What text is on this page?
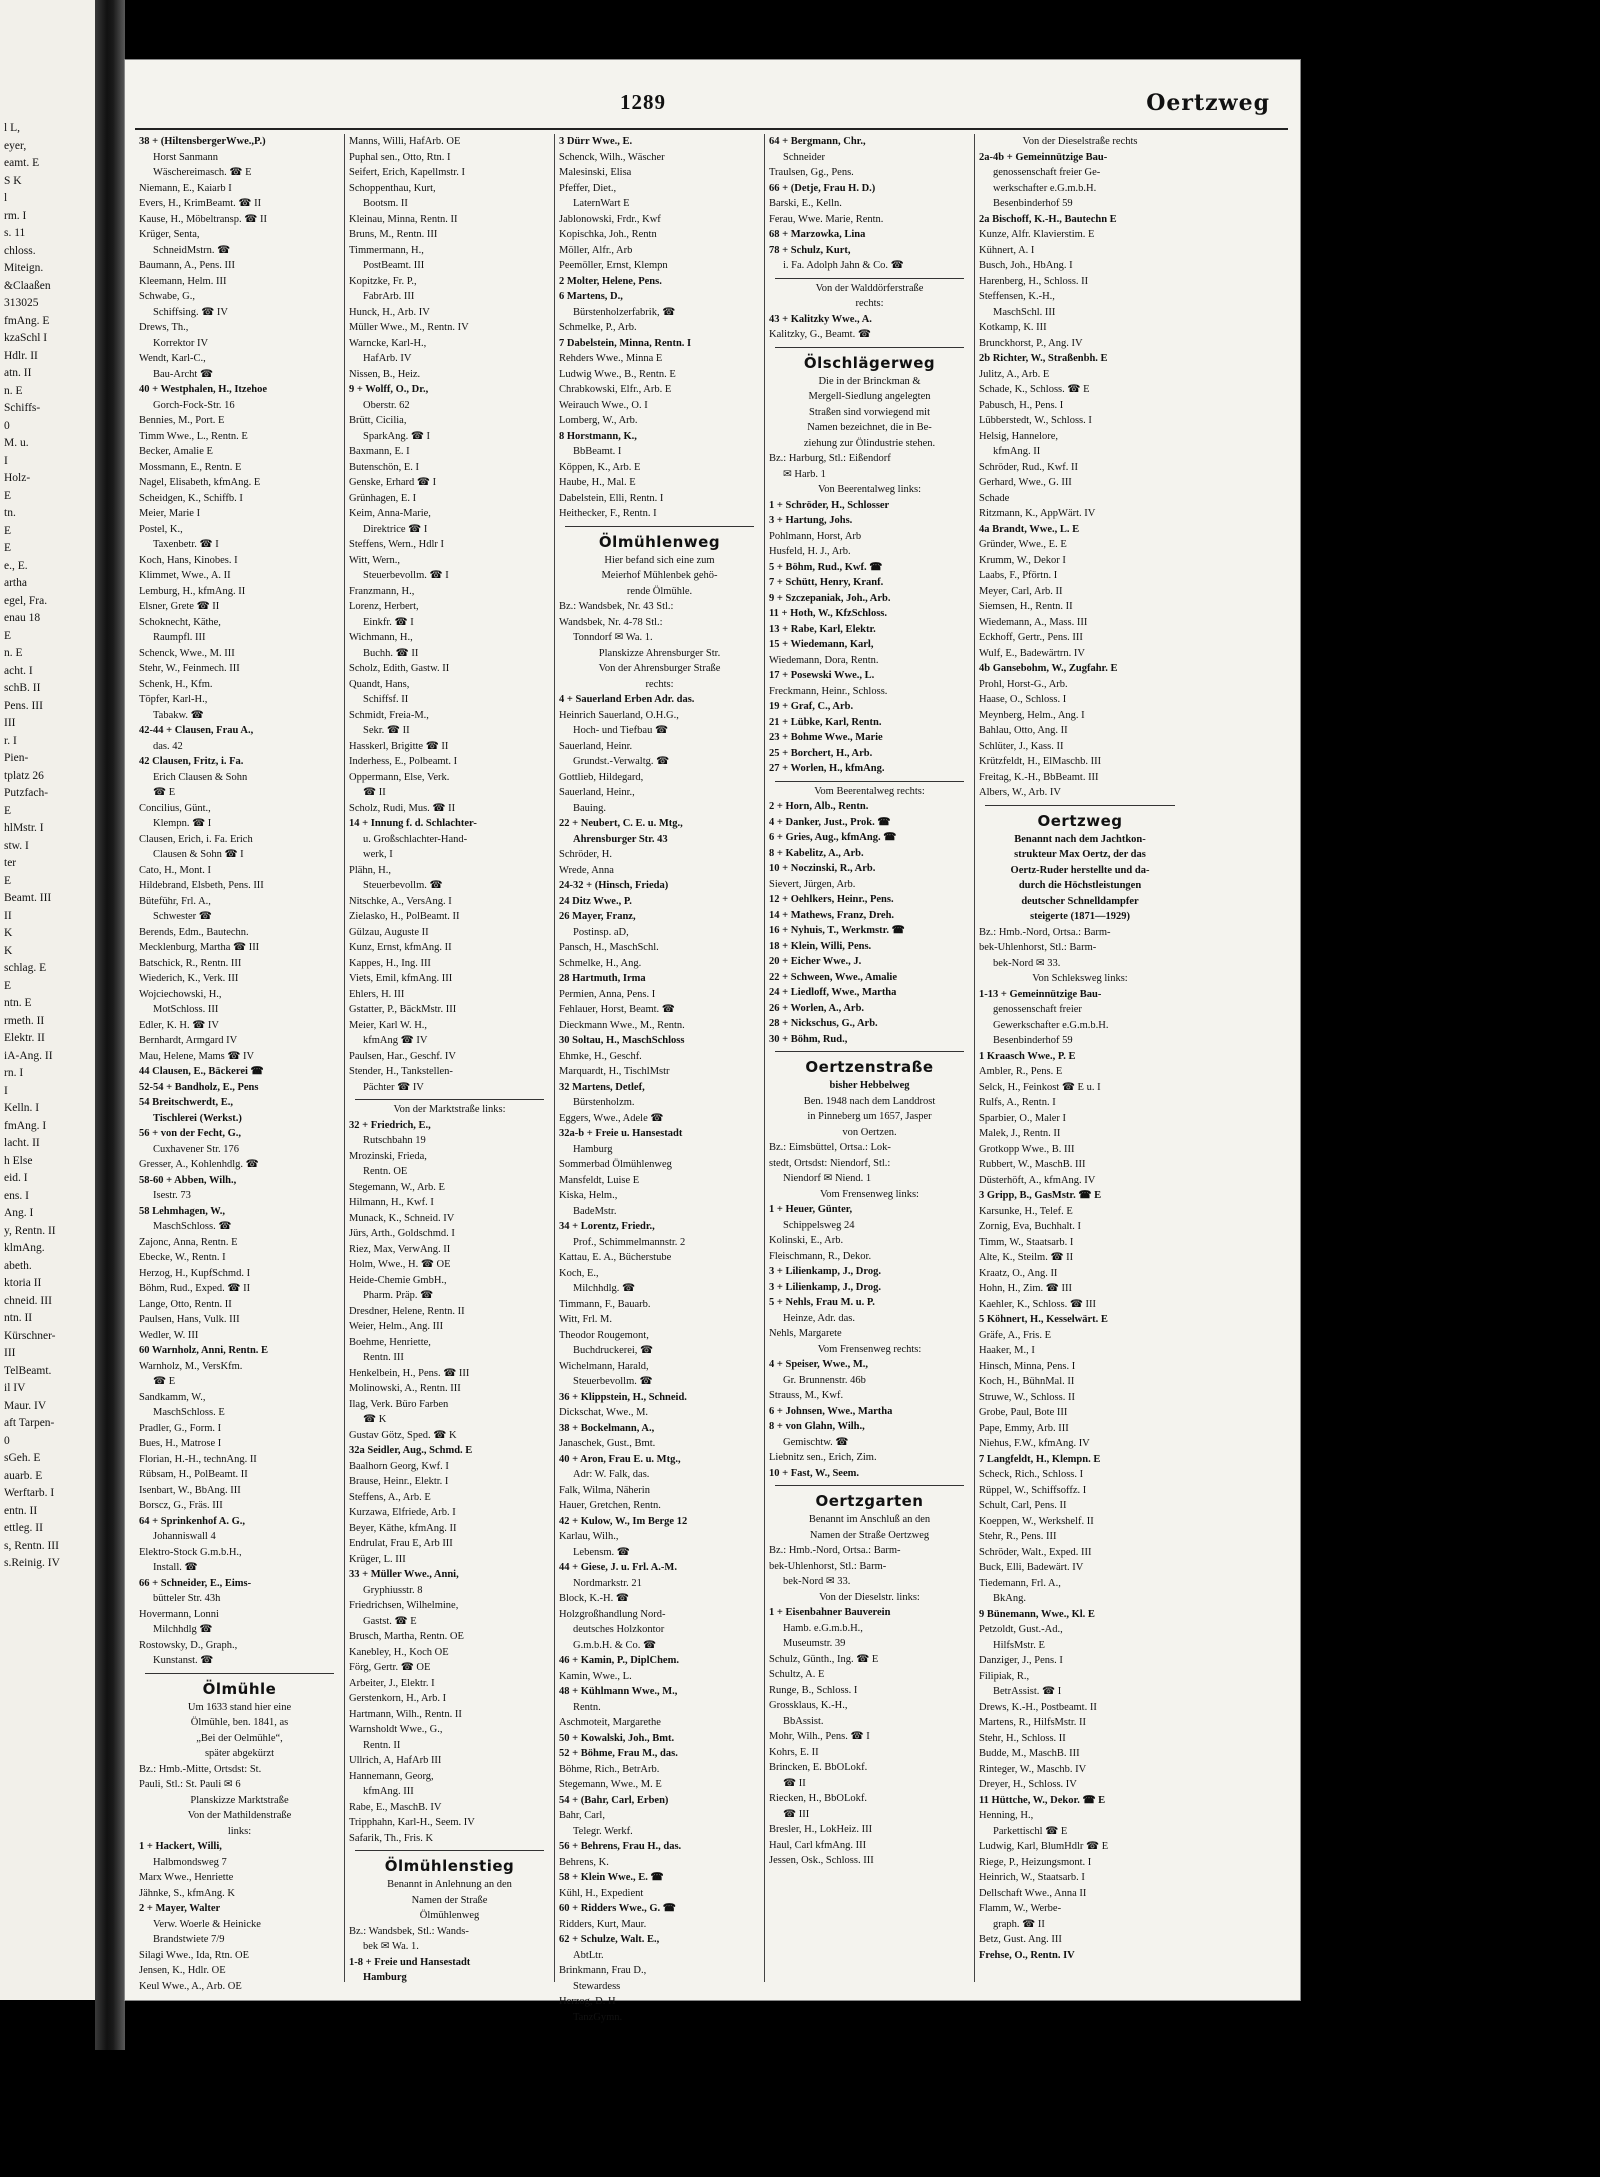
l L,
eyer,
eamt. E
S K
l
rm. I
s. 11
chloss.
Miteign.
&Claaßen
313025
fmAng. E
kzaSchl I
Hdlr. II
atn. II
n. E
Schiffs-
0
M. u.
I
Holz-
E
tn.
E
E
e., E.
artha
egel, Fra.
enau 18
E
n. E
acht. I
schB. II
Pens. III
III
r. I
Pien-
tplatz 26
Putzfach-
E
hlMstr. I
stw. I
ter
E
Beamt. III
II
K
K
schlag. E
E
ntn. E
rmeth. II
Elektr. II
iA-Ang. II
rn. I
I
Kelln. I
fmAng. I
lacht. II
h Else
eid. I
ens. I
Ang. I
y, Rentn. II
klmAng.
abeth.
ktoria II
chneid. III
ntn. II
Kürschner-
III
TelBeamt.
il IV
Maur. IV
aft Tarpen-
0
sGeh. E
auarb. E
Werftarb. I
entn. II
ettleg. II
s, Rentn. III
s.Reinig. IV
1289	Oertzweg
38 + (HiltensbergerWwe.,P.)
Horst Sanmann
Wäschereimasch. ☎ E
Niemann, E., Kaiarb I
Evers, H., KrimBeamt. ☎ II
Kause, H., Möbeltransp. ☎ II
Krüger, Senta,
SchneidMstrn. ☎
Baumann, A., Pens. III
Kleemann, Helm. III
Schwabe, G.,
Schiffsing. ☎ IV
Drews, Th.,
Korrektor IV
Wendt, Karl-C.,
Bau-Archt ☎
40 + Westphalen, H., Itzehoe
Gorch-Fock-Str. 16
Bennies, M., Port. E
Timm Wwe., L., Rentn. E
Becker, Amalie E
Mossmann, E., Rentn. E
Nagel, Elisabeth, kfmAng. E
Scheidgen, K., Schiffb. I
Meier, Marie I
Postel, K.,
Taxenbetr. ☎ I
Koch, Hans, Kinobes. I
Klimmet, Wwe., A. II
Lemburg, H., kfmAng. II
Elsner, Grete ☎ II
Schoknecht, Käthe,
Raumpfl. III
Schenck, Wwe., M. III
Stehr, W., Feinmech. III
Schenk, H., Kfm.
Töpfer, Karl-H.,
Tabakw. ☎
42-44 + Clausen, Frau A.,
das. 42
42 Clausen, Fritz, i. Fa.
Erich Clausen & Sohn
☎ E
Concilius, Günt.,
Klempn. ☎ I
Clausen, Erich, i. Fa. Erich
Clausen & Sohn ☎ I
Cato, H., Mont. I
Hildebrand, Elsbeth, Pens. III
Büteführ, Frl. A.,
Schwester ☎
Berends, Edm., Bautechn.
Mecklenburg, Martha ☎ III
Batschick, R., Rentn. III
Wiederich, K., Verk. III
Wojciechowski, H.,
MotSchloss. III
Edler, K. H. ☎ IV
Bernhardt, Armgard IV
Mau, Helene, Mams ☎ IV
44 Clausen, E., Bäckerei ☎
52-54 + Bandholz, E., Pens
54 Breitschwerdt, E.,
Tischlerei (Werkst.)
56 + von der Fecht, G.,
Cuxhavener Str. 176
Gresser, A., Kohlenhdlg. ☎
58-60 + Abben, Wilh.,
Isestr. 73
58 Lehmhagen, W.,
MaschSchloss. ☎
Zajonc, Anna, Rentn. E
Ebecke, W., Rentn. I
Herzog, H., KupfSchmd. I
Böhm, Rud., Exped. ☎ II
Lange, Otto, Rentn. II
Paulsen, Hans, Vulk. III
Wedler, W. III
60 Warnholz, Anni, Rentn. E
Warnholz, M., VersKfm.
☎ E
Sandkamm, W.,
MaschSchloss. E
Pradler, G., Form. I
Bues, H., Matrose I
Florian, H.-H., technAng. II
Rübsam, H., PolBeamt. II
Isenbart, W., BbAng. III
Borscz, G., Fräs. III
64 + Sprinkenhof A. G.,
Johanniswall 4
Elektro-Stock G.m.b.H.,
Install. ☎
66 + Schneider, E., Eims-
bütteler Str. 43h
Hovermann, Lonni
Milchhdlg ☎
Rostowsky, D., Graph.,
Kunstanst. ☎
Ölmühle
Um 1633 stand hier eine
Ölmühle, ben. 1841, as
„Bei der Oelmühle“,
später abgekürzt
Bz.: Hmb.-Mitte, Ortsdst: St.
Pauli, Stl.: St. Pauli ✉ 6
Planskizze Marktstraße
Von der Mathildenstraße
links:
1 + Hackert, Willi,
Halbmondsweg 7
Marx Wwe., Henriette
Jähnke, S., kfmAng. K
2 + Mayer, Walter
Verw. Woerle & Heinicke
Brandstwiete 7/9
Silagi Wwe., Ida, Rtn. OE
Jensen, K., Hdlr. OE
Keul Wwe., A., Arb. OE
Manns, Willi, HafArb. OE
Puphal sen., Otto, Rtn. I
Seifert, Erich, Kapellmstr. I
Schoppenthau, Kurt,
Bootsm. II
Kleinau, Minna, Rentn. II
Bruns, M., Rentn. III
Timmermann, H.,
PostBeamt. III
Kopitzke, Fr. P.,
FabrArb. III
Hunck, H., Arb. IV
Müller Wwe., M., Rentn. IV
Warncke, Karl-H.,
HafArb. IV
Nissen, B., Heiz.
9 + Wolff, O., Dr.,
Oberstr. 62
Brütt, Cicilia,
SparkAng. ☎ I
Baxmann, E. I
Butenschön, E. I
Genske, Erhard ☎ I
Grünhagen, E. I
Keim, Anna-Marie,
Direktrice ☎ I
Steffens, Wern., Hdlr I
Witt, Wern.,
Steuerbevollm. ☎ I
Franzmann, H.,
Lorenz, Herbert,
Einkfr. ☎ I
Wichmann, H.,
Buchh. ☎ II
Scholz, Edith, Gastw. II
Quandt, Hans,
Schiffsf. II
Schmidt, Freia-M.,
Sekr. ☎ II
Hasskerl, Brigitte ☎ II
Inderhess, E., Polbeamt. I
Oppermann, Else, Verk.
☎ II
Scholz, Rudi, Mus. ☎ II
14 + Innung f. d. Schlachter-
u. Großschlachter-Hand-
werk, I
Plähn, H.,
Steuerbevollm. ☎
Nitschke, A., VersAng. I
Zielasko, H., PolBeamt. II
Gülzau, Auguste II
Kunz, Ernst, kfmAng. II
Kappes, H., Ing. III
Viets, Emil, kfmAng. III
Ehlers, H. III
Gstatter, P., BäckMstr. III
Meier, Karl W. H.,
kfmAng ☎ IV
Paulsen, Har., Geschf. IV
Stender, H., Tankstellen-
Pächter ☎ IV
Von der Marktstraße links:
32 + Friedrich, E.,
Rutschbahn 19
Mrozinski, Frieda,
Rentn. OE
Stegemann, W., Arb. E
Hilmann, H., Kwf. I
Munack, K., Schneid. IV
Jürs, Arth., Goldschmd. I
Riez, Max, VerwAng. II
Holm, Wwe., H. ☎ OE
Heide-Chemie GmbH.,
Pharm. Präp. ☎
Dresdner, Helene, Rentn. II
Weier, Helm., Ang. III
Boehme, Henriette,
Rentn. III
Henkelbein, H., Pens. ☎ III
Molinowski, A., Rentn. III
Ilag, Verk. Büro Farben
☎ K
Gustav Götz, Sped. ☎ K
32a Seidler, Aug., Schmd. E
Baalhorn Georg, Kwf. I
Brause, Heinr., Elektr. I
Steffens, A., Arb. E
Kurzawa, Elfriede, Arb. I
Beyer, Käthe, kfmAng. II
Endrulat, Frau E, Arb III
Krüger, L. III
33 + Müller Wwe., Anni,
Gryphiusstr. 8
Friedrichsen, Wilhelmine,
Gastst. ☎ E
Brusch, Martha, Rentn. OE
Kanebley, H., Koch OE
Förg, Gertr. ☎ OE
Arbeiter, J., Elektr. I
Gerstenkorn, H., Arb. I
Hartmann, Wilh., Rentn. II
Warnsholdt Wwe., G.,
Rentn. II
Ullrich, A, HafArb III
Hannemann, Georg,
kfmAng. III
Rabe, E., MaschB. IV
Tripphahn, Karl-H., Seem. IV
Safarik, Th., Fris. K
Ölmühlenstieg
Benannt in Anlehnung an den
Namen der Straße
Ölmühlenweg
Bz.: Wandsbek, Stl.: Wands-
bek ✉ Wa. 1.
1-8 + Freie und Hansestadt
Hamburg
3 Dürr Wwe., E.
Schenck, Wilh., Wäscher
Malesinski, Elisa
Pfeffer, Diet.,
LaternWart E
Jablonowski, Frdr., Kwf
Kopischka, Joh., Rentn
Möller, Alfr., Arb
Peemöller, Ernst, Klempn
2 Molter, Helene, Pens.
6 Martens, D.,
Bürstenholzerfabrik, ☎
Schmelke, P., Arb.
7 Dabelstein, Minna, Rentn. I
Rehders Wwe., Minna E
Ludwig Wwe., B., Rentn. E
Chrabkowski, Elfr., Arb. E
Weirauch Wwe., O. I
Lomberg, W., Arb.
8 Horstmann, K.,
BbBeamt. I
Köppen, K., Arb. E
Haube, H., Mal. E
Dabelstein, Elli, Rentn. I
Heithecker, F., Rentn. I
Ölmühlenweg
Hier befand sich eine zum
Meierhof Mühlenbek gehö-
rende Ölmühle.
Bz.: Wandsbek, Nr. 43 Stl.:
Wandsbek, Nr. 4-78 Stl.:
Tonndorf ✉ Wa. 1.
Planskizze Ahrensburger Str.
Von der Ahrensburger Straße
rechts:
4 + Sauerland Erben Adr. das.
Heinrich Sauerland, O.H.G.,
Hoch- und Tiefbau ☎
Sauerland, Heinr.
Grundst.-Verwaltg. ☎
Gottlieb, Hildegard,
Sauerland, Heinr.,
Bauing.
22 + Neubert, C. E. u. Mtg.,
Ahrensburger Str. 43
Schröder, H.
Wrede, Anna
24-32 + (Hinsch, Frieda)
24 Ditz Wwe., P.
26 Mayer, Franz,
Postinsp. aD,
Pansch, H., MaschSchl.
Schmelke, H., Ang.
28 Hartmuth, Irma
Permien, Anna, Pens. I
Fehlauer, Horst, Beamt. ☎
Dieckmann Wwe., M., Rentn.
30 Soltau, H., MaschSchloss
Ehmke, H., Geschf.
Marquardt, H., TischlMstr
32 Martens, Detlef,
Bürstenholzm.
Eggers, Wwe., Adele ☎
32a-b + Freie u. Hansestadt
Hamburg
Sommerbad Ölmühlenweg
Mansfeldt, Luise E
Kiska, Helm.,
BadeMstr.
34 + Lorentz, Friedr.,
Prof., Schimmelmannstr. 2
Kattau, E. A., Bücherstube
Koch, E.,
Milchhdlg. ☎
Timmann, F., Bauarb.
Witt, Frl. M.
Theodor Rougemont,
Buchdruckerei, ☎
Wichelmann, Harald,
Steuerbevollm. ☎
36 + Klippstein, H., Schneid.
Dickschat, Wwe., M.
38 + Bockelmann, A.,
Janaschek, Gust., Bmt.
40 + Aron, Frau E. u. Mtg.,
Adr: W. Falk, das.
Falk, Wilma, Näherin
Hauer, Gretchen, Rentn.
42 + Kulow, W., Im Berge 12
Karlau, Wilh.,
Lebensm. ☎
44 + Giese, J. u. Frl. A.-M.
Nordmarkstr. 21
Block, K.-H. ☎
Holzgroßhandlung Nord-
deutsches Holzkontor
G.m.b.H. & Co. ☎
46 + Kamin, P., DiplChem.
Kamin, Wwe., L.
48 + Kühlmann Wwe., M.,
Rentn.
Aschmoteit, Margarethe
50 + Kowalski, Joh., Bmt.
52 + Böhme, Frau M., das.
Böhme, Rich., BetrArb.
Stegemann, Wwe., M. E
54 + (Bahr, Carl, Erben)
Bahr, Carl,
Telegr. Werkf.
56 + Behrens, Frau H., das.
Behrens, K.
58 + Klein Wwe., E. ☎
Kühl, H., Expedient
60 + Ridders Wwe., G. ☎
Ridders, Kurt, Maur.
62 + Schulze, Walt. E.,
AbtLtr.
Brinkmann, Frau D.,
Stewardess
Herzog, D. H
TanzGymn.
64 + Bergmann, Chr.,
Schneider
Traulsen, Gg., Pens.
66 + (Detje, Frau H. D.)
Barski, E., Kelln.
Ferau, Wwe. Marie, Rentn.
68 + Marzowka, Lina
78 + Schulz, Kurt,
i. Fa. Adolph Jahn & Co. ☎
Von der Walddörferstraße
rechts:
43 + Kalitzky Wwe., A.
Kalitzky, G., Beamt. ☎
Ölschlägerweg
Die in der Brinckman &
Mergell-Siedlung angelegten
Straßen sind vorwiegend mit
Namen bezeichnet, die in Be-
ziehung zur Ölindustrie stehen.
Bz.: Harburg, Stl.: Eißendorf
✉ Harb. 1
Von Beerentalweg links:
1 + Schröder, H., Schlosser
3 + Hartung, Johs.
Pohlmann, Horst, Arb
Husfeld, H. J., Arb.
5 + Böhm, Rud., Kwf. ☎
7 + Schütt, Henry, Kranf.
9 + Szczepaniak, Joh., Arb.
11 + Hoth, W., KfzSchloss.
13 + Rabe, Karl, Elektr.
15 + Wiedemann, Karl,
Wiedemann, Dora, Rentn.
17 + Posewski Wwe., L.
Freckmann, Heinr., Schloss.
19 + Graf, C., Arb.
21 + Lübke, Karl, Rentn.
23 + Bohme Wwe., Marie
25 + Borchert, H., Arb.
27 + Worlen, H., kfmAng.
Vom Beerentalweg rechts:
2 + Horn, Alb., Rentn.
4 + Danker, Just., Prok. ☎
6 + Gries, Aug., kfmAng. ☎
8 + Kabelitz, A., Arb.
10 + Noczinski, R., Arb.
Sievert, Jürgen, Arb.
12 + Oehlkers, Heinr., Pens.
14 + Mathews, Franz, Dreh.
16 + Nyhuis, T., Werkmstr. ☎
18 + Klein, Willi, Pens.
20 + Eicher Wwe., J.
22 + Schween, Wwe., Amalie
24 + Liedloff, Wwe., Martha
26 + Worlen, A., Arb.
28 + Nickschus, G., Arb.
30 + Böhm, Rud.,
Oertzenstraße
bisher Hebbelweg
Ben. 1948 nach dem Landdrost
in Pinneberg um 1657, Jasper
von Oertzen.
Bz.: Eimsbüttel, Ortsa.: Lok-
stedt, Ortsdst: Niendorf, Stl.:
Niendorf ✉ Niend. 1
Vom Frensenweg links:
1 + Heuer, Günter,
Schippelsweg 24
Kolinski, E., Arb.
Fleischmann, R., Dekor.
3 + Lilienkamp, J., Drog.
3 + Lilienkamp, J., Drog.
5 + Nehls, Frau M. u. P.
Heinze, Adr. das.
Nehls, Margarete
Vom Frensenweg rechts:
4 + Speiser, Wwe., M.,
Gr. Brunnenstr. 46b
Strauss, M., Kwf.
6 + Johnsen, Wwe., Martha
8 + von Glahn, Wilh.,
Gemischtw. ☎
Liebnitz sen., Erich, Zim.
10 + Fast, W., Seem.
Oertzgarten
Benannt im Anschluß an den
Namen der Straße Oertzweg
Bz.: Hmb.-Nord, Ortsa.: Barm-
bek-Uhlenhorst, Stl.: Barm-
bek-Nord ✉ 33.
Von der Dieselstr. links:
1 + Eisenbahner Bauverein
Hamb. e.G.m.b.H.,
Museumstr. 39
Schulz, Günth., Ing. ☎ E
Schultz, A. E
Runge, B., Schloss. I
Grossklaus, K.-H.,
BbAssist.
Mohr, Wilh., Pens. ☎ I
Kohrs, E. II
Brincken, E. BbOLokf.
☎ II
Riecken, H., BbOLokf.
☎ III
Bresler, H., LokHeiz. III
Haul, Carl kfmAng. III
Jessen, Osk., Schloss. III
Von der Dieselstraße rechts
2a-4b + Gemeinnützige Bau-
genossenschaft freier Ge-
werkschafter e.G.m.b.H.
Besenbinderhof 59
2a Bischoff, K.-H., Bautechn E
Kunze, Alfr. Klavierstim. E
Kühnert, A. I
Busch, Joh., HbAng. I
Harenberg, H., Schloss. II
Steffensen, K.-H.,
MaschSchl. III
Kotkamp, K. III
Brunckhorst, P., Ang. IV
2b Richter, W., Straßenbh. E
Julitz, A., Arb. E
Schade, K., Schloss. ☎ E
Pabusch, H., Pens. I
Lübberstedt, W., Schloss. I
Helsig, Hannelore,
kfmAng. II
Schröder, Rud., Kwf. II
Gerhard, Wwe., G. III
Schade
Ritzmann, K., AppWärt. IV
4a Brandt, Wwe., L. E
Gründer, Wwe., E. E
Krumm, W., Dekor I
Laabs, F., Pförtn. I
Meyer, Carl, Arb. II
Siemsen, H., Rentn. II
Wiedemann, A., Mass. III
Eckhoff, Gertr., Pens. III
Wulf, E., Badewärtrn. IV
4b Gansebohm, W., Zugfahr. E
Prohl, Horst-G., Arb.
Haase, O., Schloss. I
Meynberg, Helm., Ang. I
Bahlau, Otto, Ang. II
Schlüter, J., Kass. II
Krützfeldt, H., ElMaschb. III
Freitag, K.-H., BbBeamt. III
Albers, W., Arb. IV
Oertzweg
Benannt nach dem Jachtkon-
strukteur Max Oertz, der das
Oertz-Ruder herstellte und da-
durch die Höchstleistungen
deutscher Schnelldampfer
steigerte (1871—1929)
Bz.: Hmb.-Nord, Ortsa.: Barm-
bek-Uhlenhorst, Stl.: Barm-
bek-Nord ✉ 33.
Von Schleksweg links:
1-13 + Gemeinnützige Bau-
genossenschaft freier
Gewerkschafter e.G.m.b.H.
Besenbinderhof 59
1 Kraasch Wwe., P. E
Ambler, R., Pens. E
Selck, H., Feinkost ☎ E u. I
Rulfs, A., Rentn. I
Sparbier, O., Maler I
Malek, J., Rentn. II
Grotkopp Wwe., B. III
Rubbert, W., MaschB. III
Düsterhöft, A., kfmAng. IV
3 Gripp, B., GasMstr. ☎ E
Karsunke, H., Telef. E
Zornig, Eva, Buchhalt. I
Timm, W., Staatsarb. I
Alte, K., Steilm. ☎ II
Kraatz, O., Ang. II
Hohn, H., Zim. ☎ III
Kaehler, K., Schloss. ☎ III
5 Köhnert, H., Kesselwärt. E
Gräfe, A., Fris. E
Haaker, M., I
Hinsch, Minna, Pens. I
Koch, H., BühnMal. II
Struwe, W., Schloss. II
Grobe, Paul, Bote III
Pape, Emmy, Arb. III
Niehus, F.W., kfmAng. IV
7 Langfeldt, H., Klempn. E
Scheck, Rich., Schloss. I
Rüppel, W., Schiffsoffz. I
Schult, Carl, Pens. II
Koeppen, W., Werkshelf. II
Stehr, R., Pens. III
Schröder, Walt., Exped. III
Buck, Elli, Badewärt. IV
Tiedemann, Frl. A.,
BkAng.
9 Bünemann, Wwe., Kl. E
Petzoldt, Gust.-Ad.,
HilfsMstr. E
Danziger, J., Pens. I
Filipiak, R.,
BetrAssist. ☎ I
Drews, K.-H., Postbeamt. II
Martens, R., HilfsMstr. II
Stehr, H., Schloss. II
Budde, M., MaschB. III
Rinteger, W., Maschb. IV
Dreyer, H., Schloss. IV
11 Hüttche, W., Dekor. ☎ E
Henning, H.,
Parkettischl ☎ E
Ludwig, Karl, BlumHdlr ☎ E
Riege, P., Heizungsmont. I
Heinrich, W., Staatsarb. I
Dellschaft Wwe., Anna II
Flamm, W., Werbe-
graph. ☎ II
Betz, Gust. Ang. III
Frehse, O., Rentn. IV
